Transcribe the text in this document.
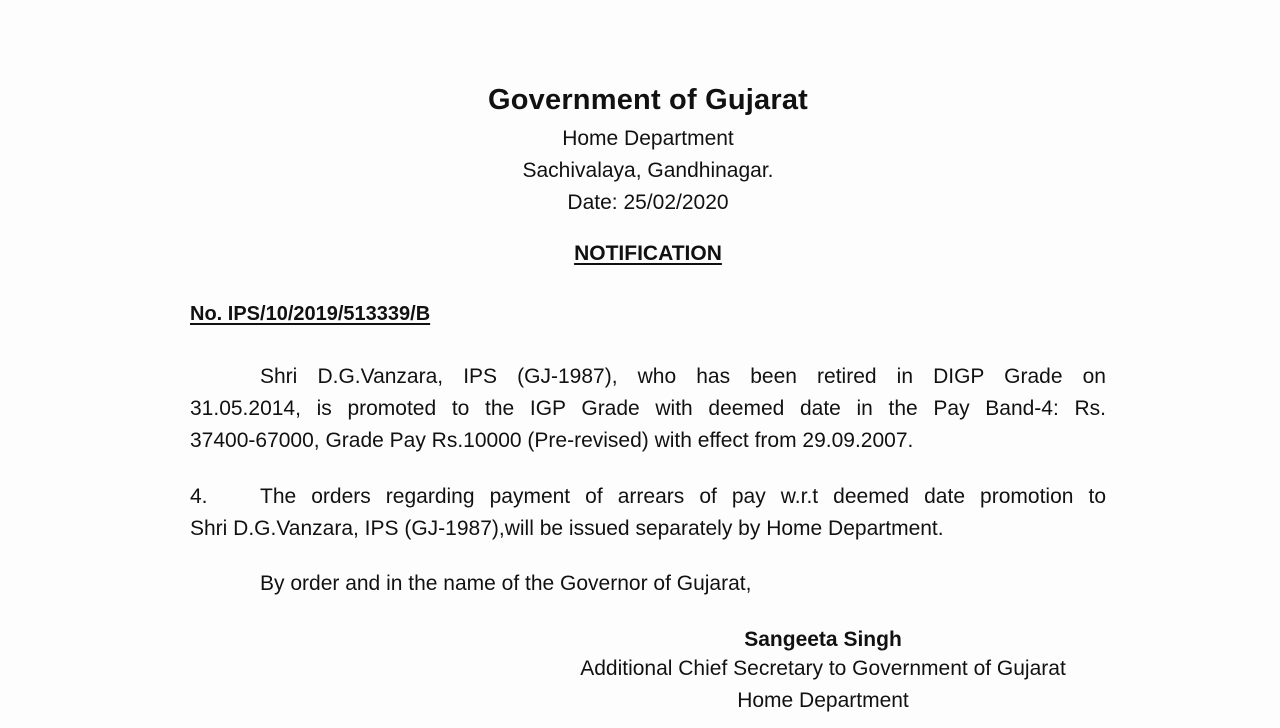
Government of Gujarat
Home Department
Sachivalaya, Gandhinagar.
Date: 25/02/2020
NOTIFICATION
No. IPS/10/2019/513339/B
Shri D.G.Vanzara, IPS (GJ-1987), who has been retired in DIGP Grade on
31.05.2014, is promoted to the IGP Grade with deemed date in the Pay Band-4: Rs.
37400-67000, Grade Pay Rs.10000 (Pre-revised) with effect from 29.09.2007.
4. The orders regarding payment of arrears of pay w.r.t deemed date promotion to
Shri D.G.Vanzara, IPS (GJ-1987),will be issued separately by Home Department.
By order and in the name of the Governor of Gujarat,
Sangeeta Singh
Additional Chief Secretary to Government of Gujarat
Home Department
